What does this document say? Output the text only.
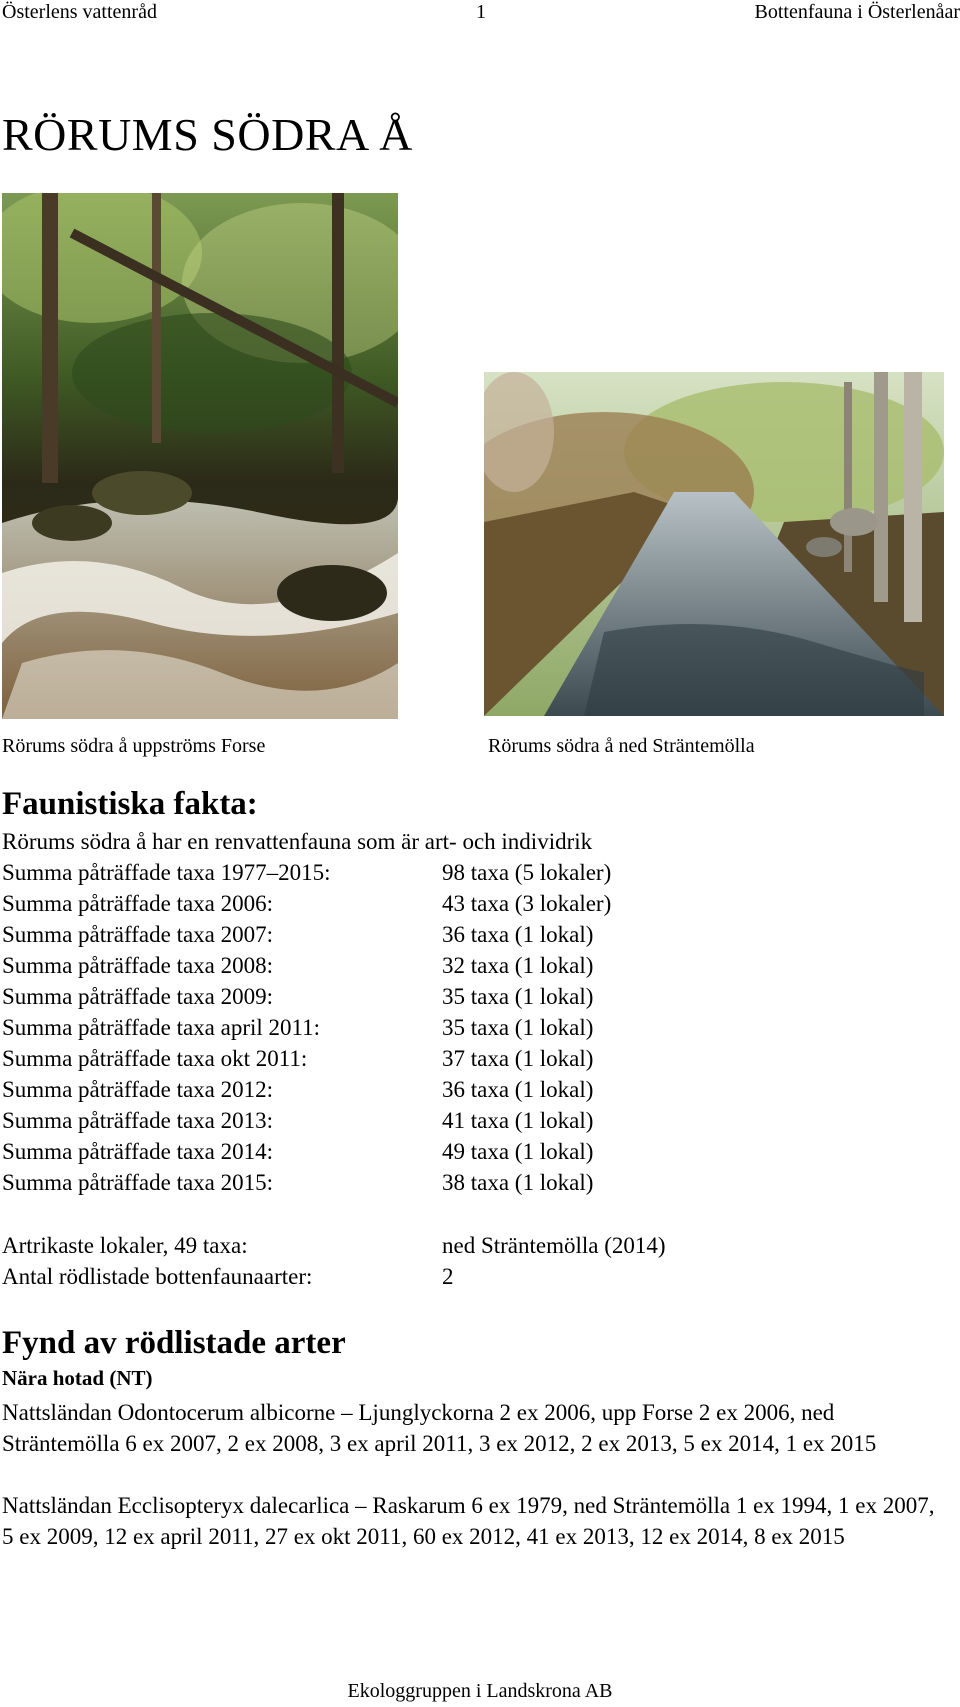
Österlens vattenråd	1	Bottenfauna i Österlenåar
RÖRUMS SÖDRA Å
Rörums södra å uppströms Forse	Rörums södra å ned Sträntemölla
Faunistiska fakta:
Rörums södra å har en renvattenfauna som är art- och individrik
Summa påträffade taxa 1977–2015:	98 taxa (5 lokaler)
Summa påträffade taxa 2006:	43 taxa (3 lokaler)
Summa påträffade taxa 2007:	36 taxa (1 lokal)
Summa påträffade taxa 2008:	32 taxa (1 lokal)
Summa påträffade taxa 2009:	35 taxa (1 lokal)
Summa påträffade taxa april 2011:	35 taxa (1 lokal)
Summa påträffade taxa okt 2011:	37 taxa (1 lokal)
Summa påträffade taxa 2012:	36 taxa (1 lokal)
Summa påträffade taxa 2013:	41 taxa (1 lokal)
Summa påträffade taxa 2014:	49 taxa (1 lokal)
Summa påträffade taxa 2015:	38 taxa (1 lokal)
Artrikaste lokaler, 49 taxa:	ned Sträntemölla (2014)
Antal rödlistade bottenfaunaarter:	2
Fynd av rödlistade arter
Nära hotad (NT)

Nattsländan Odontocerum albicorne – Ljunglyckorna 2 ex 2006, upp Forse 2 ex 2006, ned Sträntemölla 6 ex 2007, 2 ex 2008, 3 ex april 2011, 3 ex 2012, 2 ex 2013, 5 ex 2014, 1 ex 2015

Nattsländan Ecclisopteryx dalecarlica – Raskarum 6 ex 1979, ned Sträntemölla 1 ex 1994, 1 ex 2007, 5 ex 2009, 12 ex april 2011, 27 ex okt 2011, 60 ex 2012, 41 ex 2013, 12 ex 2014, 8 ex 2015

Ekologgruppen i Landskrona AB
